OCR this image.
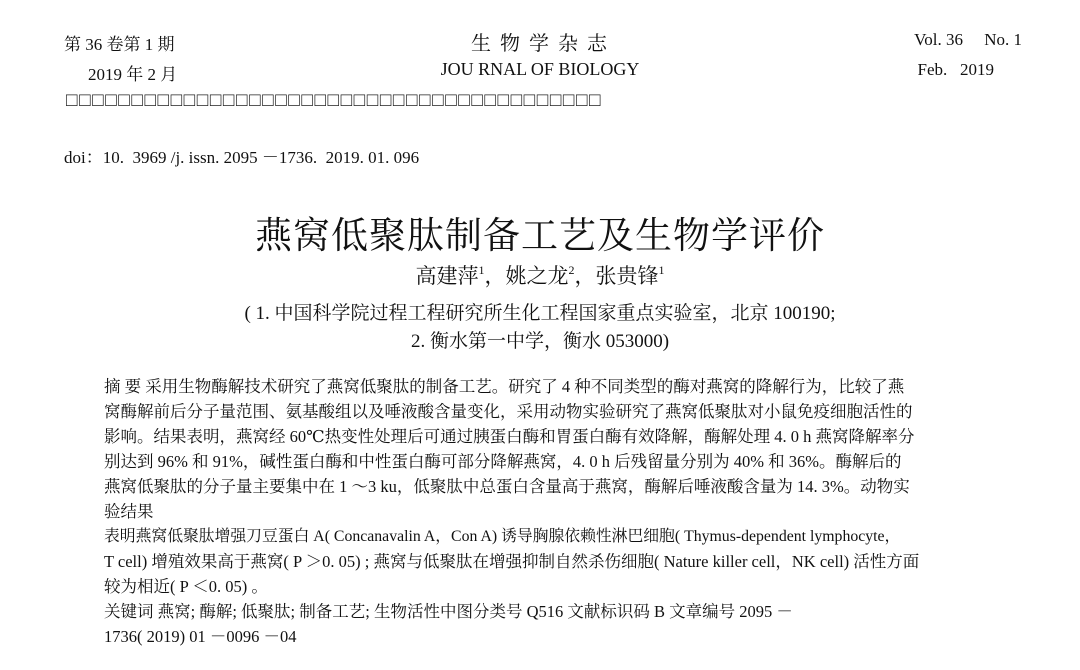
第 36 卷第 1 期	生 物 学 杂 志	Vol. 36     No. 1
2019 年 2 月	JOU RNAL OF BIOLOGY	Feb.   2019
□□□□□□□□□□□□□□□□□□□□□□□□□□□□□□□□□□□□□□□□□
doi：10.  3969 /j. issn. 2095 －1736.  2019. 01. 096
燕窝低聚肽制备工艺及生物学评价
高建萍$^1$，姚之龙$^2$，张贵锋$^1$
( 1. 中国科学院过程工程研究所生化工程国家重点实验室，北京 100190;
2. 衡水第一中学，衡水 053000)

摘 要 采用生物酶解技术研究了燕窝低聚肽的制备工艺。研究了 4 种不同类型的酶对燕窝的降解行为，比较了燕

窝酶解前后分子量范围、氨基酸组以及唾液酸含量变化，采用动物实验研究了燕窝低聚肽对小鼠免疫细胞活性的

影响。结果表明，燕窝经 60℃热变性处理后可通过胰蛋白酶和胃蛋白酶有效降解，酶解处理 4. 0 h 燕窝降解率分

别达到 96% 和 91%，碱性蛋白酶和中性蛋白酶可部分降解燕窝，4. 0 h 后残留量分别为 40% 和 36%。酶解后的

燕窝低聚肽的分子量主要集中在 1 ～3 ku，低聚肽中总蛋白含量高于燕窝，酶解后唾液酸含量为 14. 3%。动物实

验结果

表明燕窝低聚肽增强刀豆蛋白 A( Concanavalin A，Con A) 诱导胸腺依赖性淋巴细胞( Thymus-dependent lymphocyte，

T cell) 增殖效果高于燕窝( P ＞0. 05) ; 燕窝与低聚肽在增强抑制自然杀伤细胞( Nature killer cell，NK cell) 活性方面

较为相近( P ＜0. 05) 。

关键词 燕窝; 酶解; 低聚肽; 制备工艺; 生物活性中图分类号 Q516 文献标识码 B 文章编号 2095 －

1736( 2019) 01 －0096 －04
